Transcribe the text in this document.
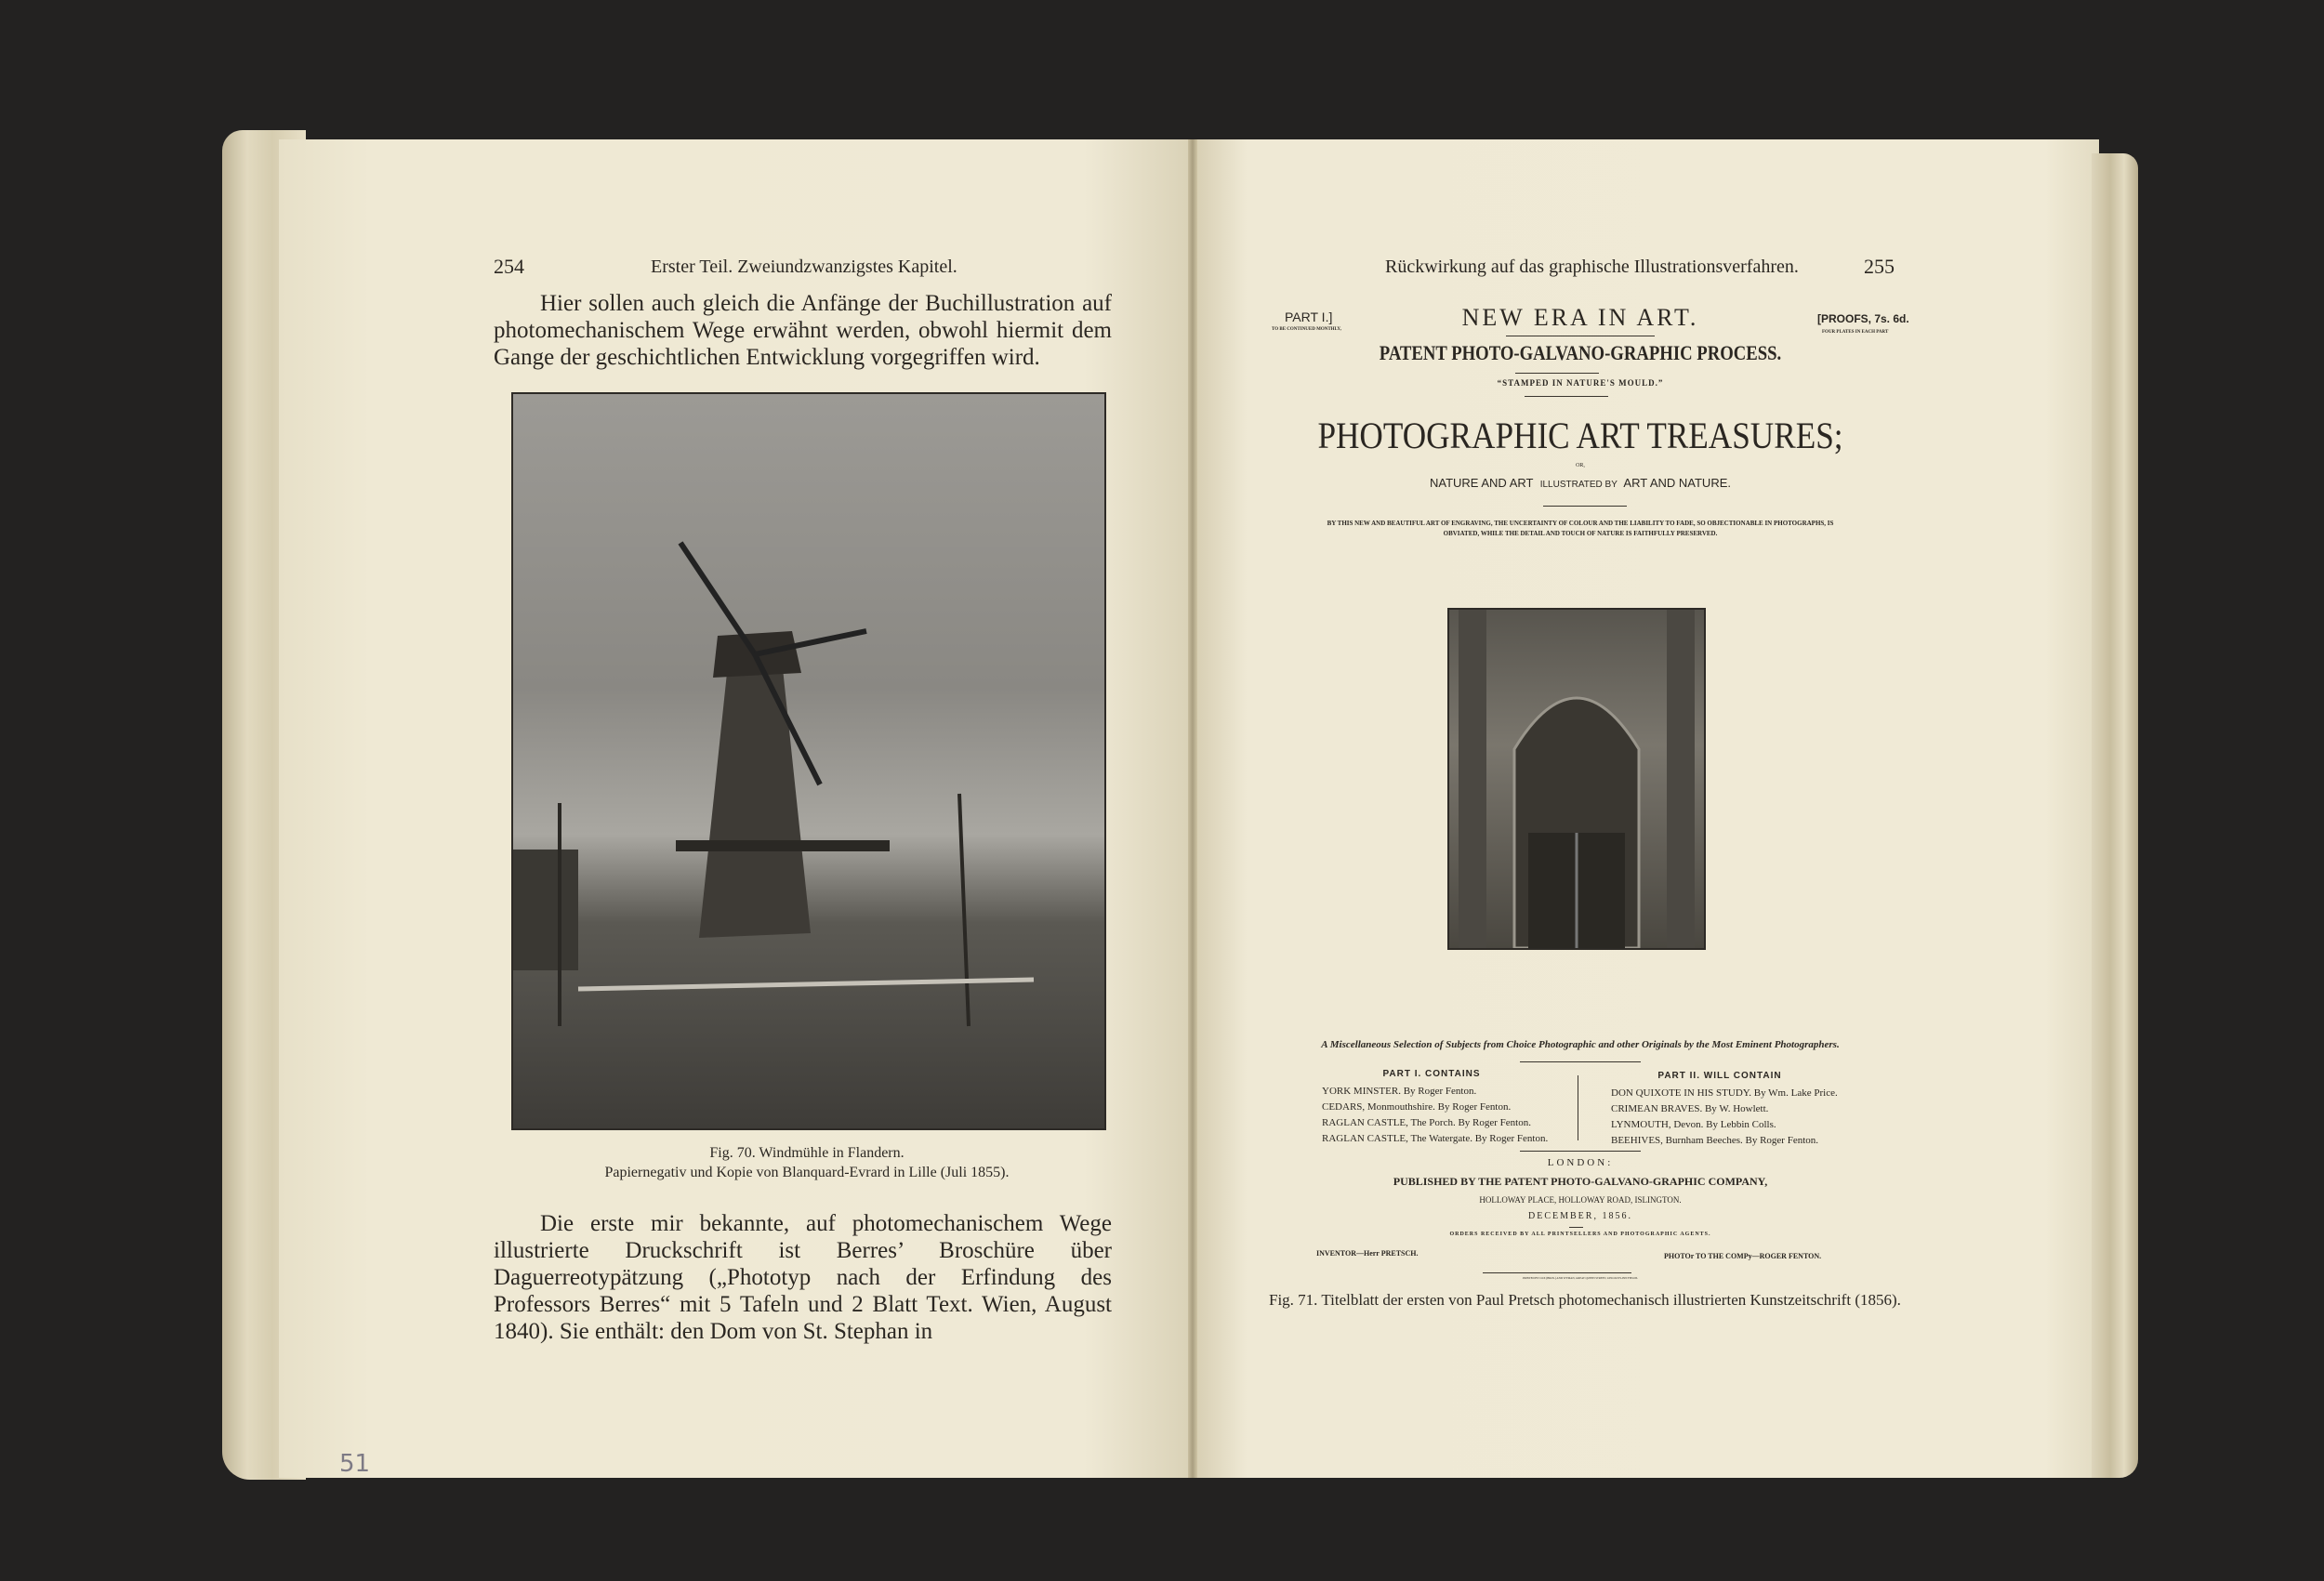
254	Erster Teil. Zweiundzwanzigstes Kapitel.
Hier sollen auch gleich die Anfänge der Buchillustration auf photomechanischem Wege erwähnt werden, obwohl hiermit dem Gange der geschichtlichen Entwicklung vorgegriffen wird.
Fig. 70. Windmühle in Flandern.
Papiernegativ und Kopie von Blanquard-Evrard in Lille (Juli 1855).
Die erste mir bekannte, auf photomechanischem Wege illustrierte Druckschrift ist Berres’ Broschüre über Daguerreotypätzung („Phototyp nach der Erfindung des Professors Berres“ mit 5 Tafeln und 2 Blatt Text. Wien, August 1840). Sie enthält: den Dom von St. Stephan in
51
Rückwirkung auf das graphische Illustrationsverfahren.	255
PART I.]
TO BE CONTINUED MONTHLY,
[PROOFS, 7s. 6d.
FOUR PLATES IN EACH PART
NEW ERA IN ART.
PATENT PHOTO-GALVANO-GRAPHIC PROCESS.
“STAMPED IN NATURE'S MOULD.”
PHOTOGRAPHIC ART TREASURES;
OR,
NATURE AND ART ILLUSTRATED BY ART AND NATURE.
BY THIS NEW AND BEAUTIFUL ART OF ENGRAVING, THE UNCERTAINTY OF COLOUR AND THE LIABILITY TO FADE, SO OBJECTIONABLE IN PHOTOGRAPHS, IS OBVIATED, WHILE THE DETAIL AND TOUCH OF NATURE IS FAITHFULLY PRESERVED.
A Miscellaneous Selection of Subjects from Choice Photographic and other Originals by the Most Eminent Photographers.
PART I. CONTAINS
YORK MINSTER. By Roger Fenton.
CEDARS, Monmouthshire. By Roger Fenton.
RAGLAN CASTLE, The Porch. By Roger Fenton.
RAGLAN CASTLE, The Watergate. By Roger Fenton.
PART II. WILL CONTAIN
DON QUIXOTE IN HIS STUDY. By Wm. Lake Price.
CRIMEAN BRAVES. By W. Howlett.
LYNMOUTH, Devon. By Lebbin Colls.
BEEHIVES, Burnham Beeches. By Roger Fenton.
LONDON:
PUBLISHED BY THE PATENT PHOTO-GALVANO-GRAPHIC COMPANY,
HOLLOWAY PLACE, HOLLOWAY ROAD, ISLINGTON.
DECEMBER, 1856.
ORDERS RECEIVED BY ALL PRINTSELLERS AND PHOTOGRAPHIC AGENTS.
INVENTOR—Herr PRETSCH.	PHOTOr TO THE COMPy—ROGER FENTON.
PRINTED BY COX (BROS.) AND WYMAN, GREAT QUEEN STREET, LINCOLN'S-INN FIELDS.
Fig. 71. Titelblatt der ersten von Paul Pretsch photomechanisch illustrierten Kunstzeitschrift (1856).
